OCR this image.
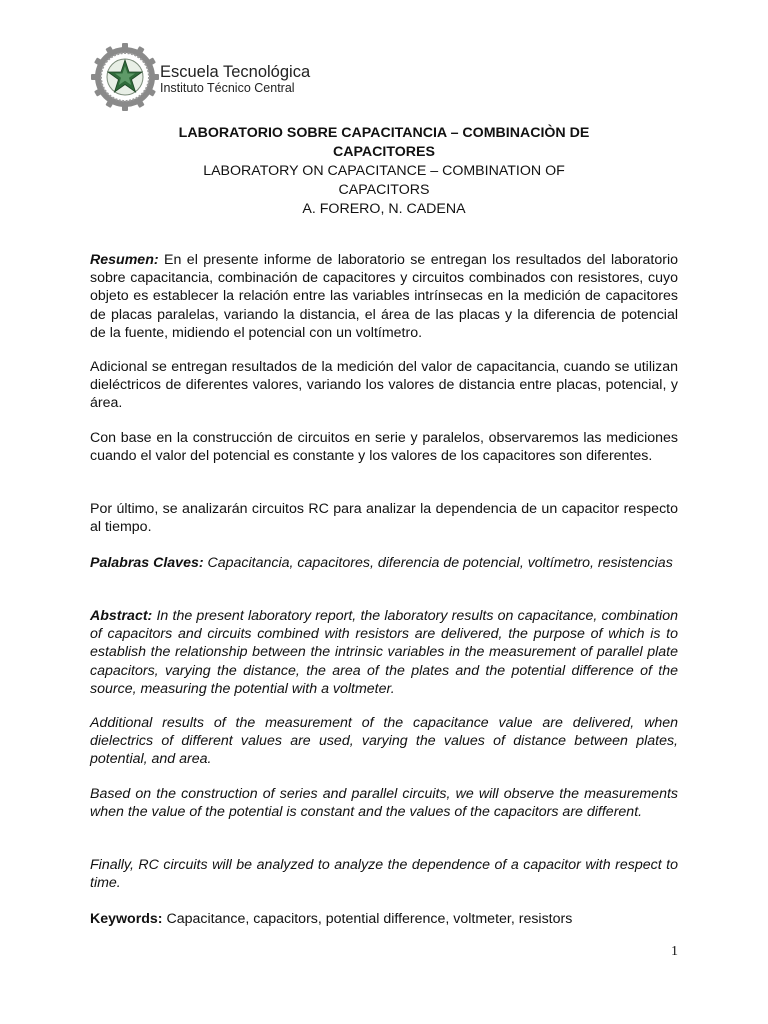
Escuela Tecnológica
Instituto Técnico Central
LABORATORIO SOBRE CAPACITANCIA – COMBINACIÒN DE CAPACITORES
LABORATORY ON CAPACITANCE – COMBINATION OF CAPACITORS
A. FORERO, N. CADENA
Resumen: En el presente informe de laboratorio se entregan los resultados del laboratorio sobre capacitancia, combinación de capacitores y circuitos combinados con resistores, cuyo objeto es establecer la relación entre las variables intrínsecas en la medición de capacitores de placas paralelas, variando la distancia, el área de las placas y la diferencia de potencial de la fuente, midiendo el potencial con un voltímetro.
Adicional se entregan resultados de la medición del valor de capacitancia, cuando se utilizan dieléctricos de diferentes valores, variando los valores de distancia entre placas, potencial, y área.
Con base en la construcción de circuitos en serie y paralelos, observaremos las mediciones cuando el valor del potencial es constante y los valores de los capacitores son diferentes.
Por último, se analizarán circuitos RC para analizar la dependencia de un capacitor respecto al tiempo.
Palabras Claves: Capacitancia, capacitores, diferencia de potencial, voltímetro, resistencias
Abstract: In the present laboratory report, the laboratory results on capacitance, combination of capacitors and circuits combined with resistors are delivered, the purpose of which is to establish the relationship between the intrinsic variables in the measurement of parallel plate capacitors, varying the distance, the area of the plates and the potential difference of the source, measuring the potential with a voltmeter.
Additional results of the measurement of the capacitance value are delivered, when dielectrics of different values are used, varying the values of distance between plates, potential, and area.
Based on the construction of series and parallel circuits, we will observe the measurements when the value of the potential is constant and the values of the capacitors are different.
Finally, RC circuits will be analyzed to analyze the dependence of a capacitor with respect to time.
Keywords: Capacitance, capacitors, potential difference, voltmeter, resistors
1
